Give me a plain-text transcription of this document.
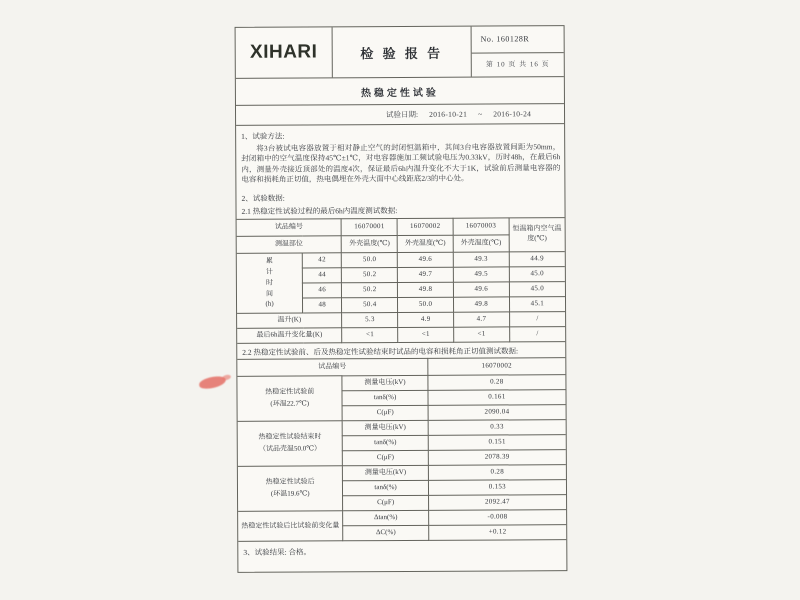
XIHARI	检 验 报 告
No. 160128R
第 10 页 共 16 页
热稳定性试验
试验日期: 2016-10-21 ~ 2016-10-24
1、试验方法:
将3台被试电容器放置于相对静止空气的封闭恒温箱中，其间3台电容器放置间距为50mm，封闭箱中的空气温度保持45℃±1℃，对电容器施加工频试验电压为0.33kV，历时48h，在最后6h内，测量外壳接近顶部处的温度4次，保证最后6h内温升变化不大于1K，试验前后测量电容器的电容和损耗角正切值，热电偶埋在外壳大面中心线距底2/3的中心处。
2、试验数据:
2.1 热稳定性试验过程的最后6h内温度测试数据:
试品编号		16070001	16070002	16070003	恒温箱内空气温度(℃)
测温部位		外壳温度(℃)	外壳温度(℃)	外壳温度(℃)	

累计时间
(h)	42	50.0	49.6	49.3	44.9
	44	50.2	49.7	49.5	45.0
	46	50.2	49.8	49.6	45.0
	48	50.4	50.0	49.8	45.1
温升(K)		5.3	4.9	4.7	/
最后6h温升变化量(K)		<1	<1	<1	/
2.2 热稳定性试验前、后及热稳定性试验结束时试品的电容和损耗角正切值测试数据:
试品编号		16070002

热稳定性试验前
(环温22.7℃)	测量电压(kV)	0.28
	tanδ(%)	0.161
	C(μF)	2090.04

热稳定性试验结束时
（试品壳温50.0℃）	测量电压(kV)	0.33
	tanδ(%)	0.151
	C(μF)	2078.39

热稳定性试验后
(环温19.6℃)	测量电压(kV)	0.28
	tanδ(%)	0.153
	C(μF)	2092.47

热稳定性试验后比试验前变化量	Δtan(%)	-0.008
	ΔC(%)	+0.12
3、试验结果: 合格。
